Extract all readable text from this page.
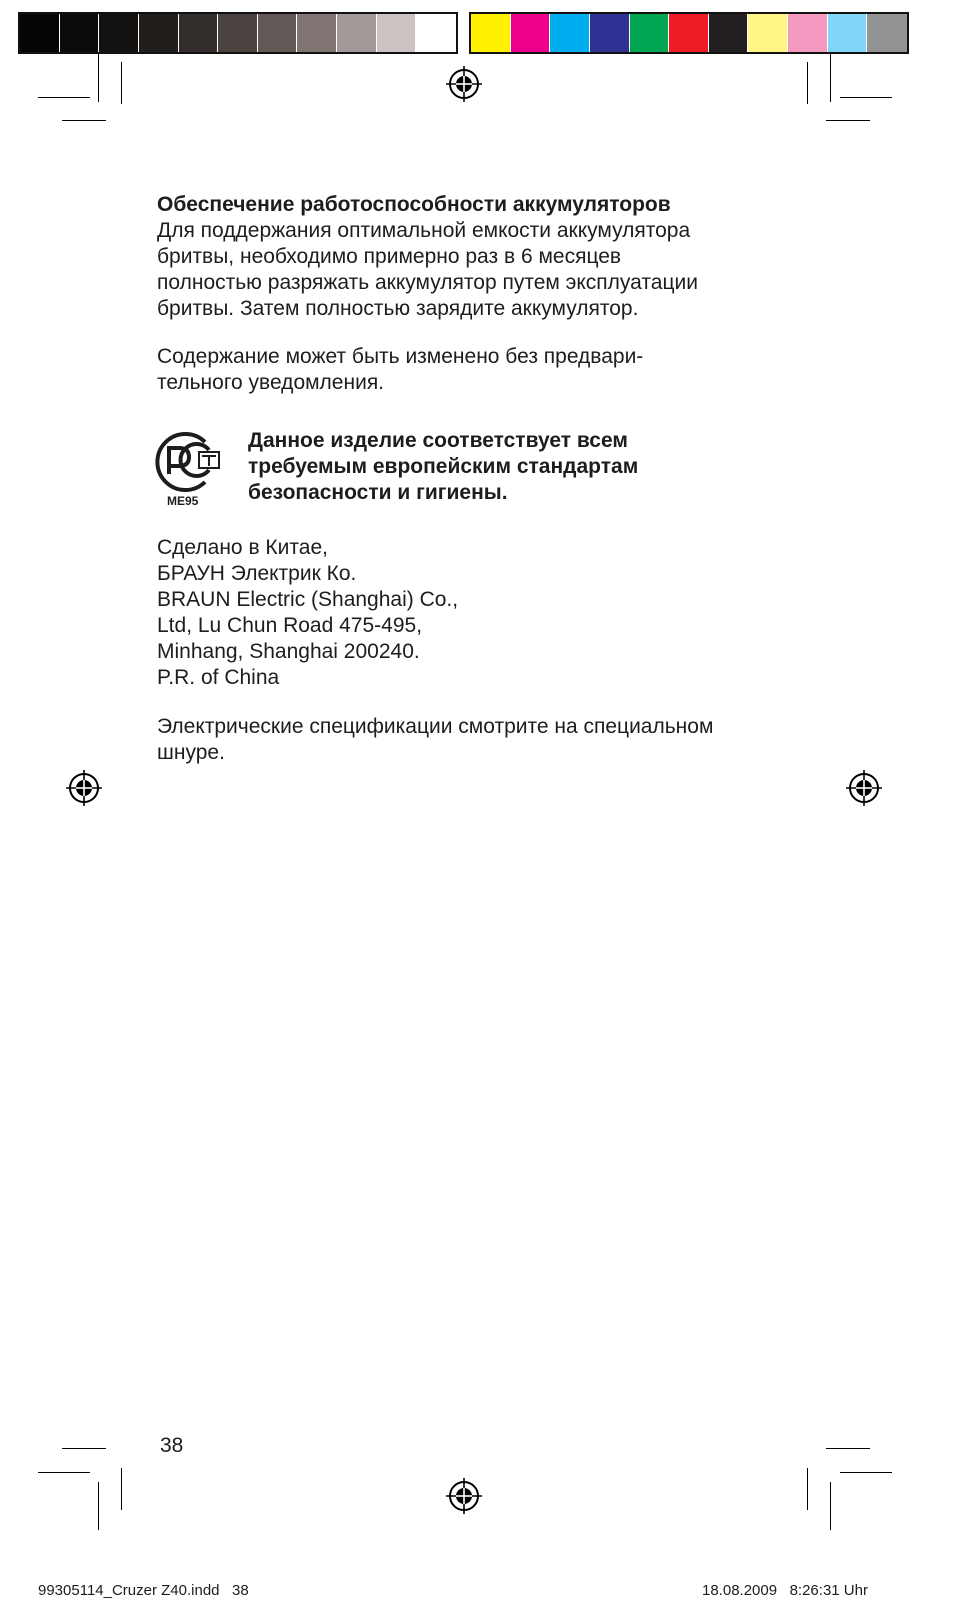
Обеспечение работоспособности аккумуляторов

Для поддержания оптимальной емкости аккумулятора

бритвы, необходимо примерно раз в 6 месяцев

полностью разряжать аккумулятор путем эксплуатации

бритвы. Затем полностью зарядите аккумулятор.

Содержание может быть изменено без предвари-

тельного уведомления.

ME95

Данное изделие соответствует всем

требуемым европейским стандартам

безопасности и гигиены.

Сделано в Китае,

БРАУН Электрик Ко.

BRAUN Electric (Shanghai) Co.,

Ltd, Lu Chun Road 475-495,

Minhang, Shanghai 200240.

P.R. of China

Электрические спецификации смотрите на специальном

шнуре.

38
99305114_Cruzer Z40.indd   38	18.08.2009   8:26:31 Uhr
